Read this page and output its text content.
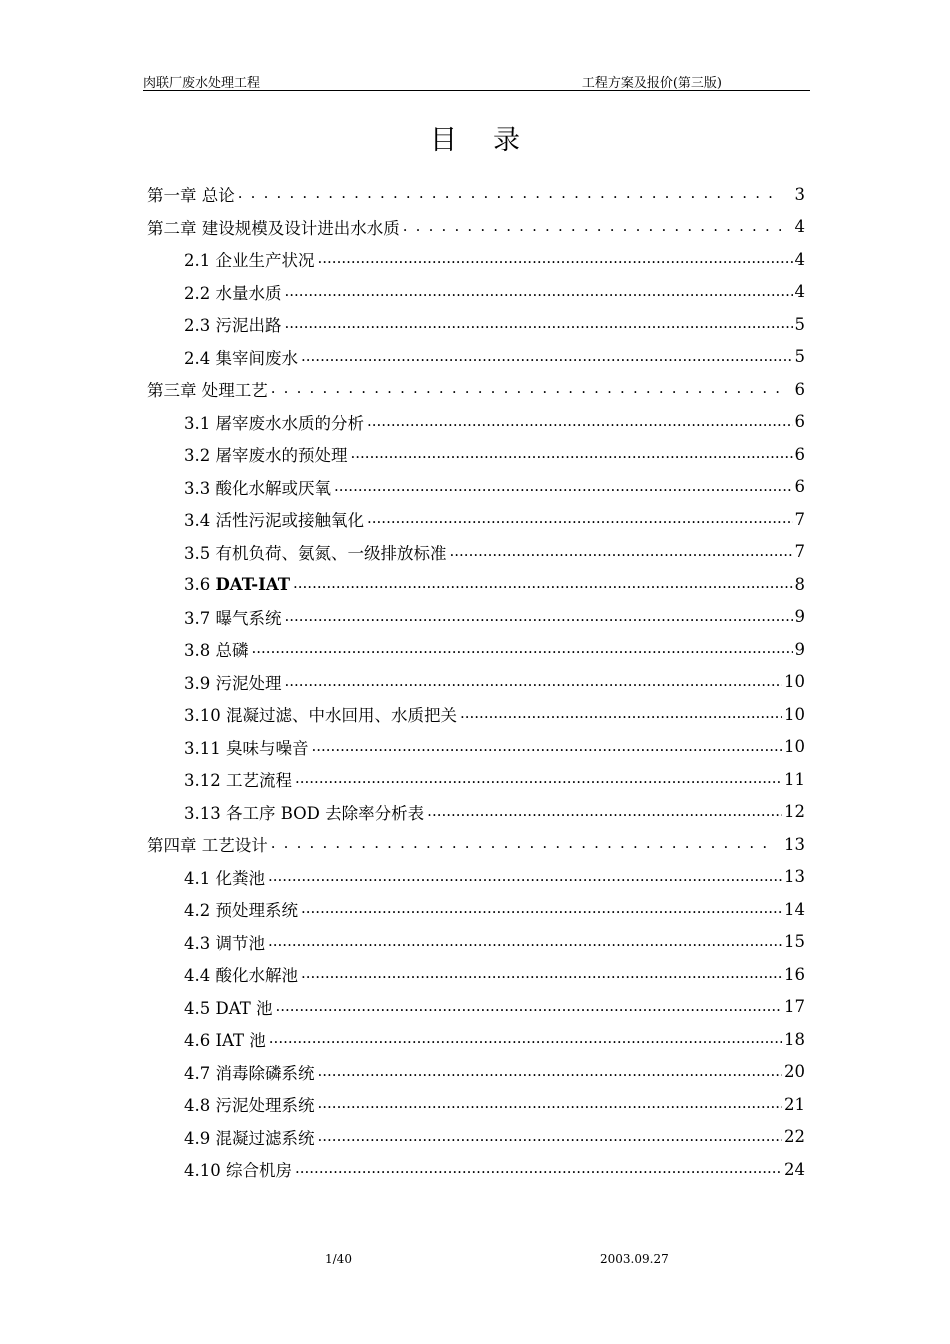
肉联厂废水处理工程	工程方案及报价(第三版)
目录
第一章 总论 . . .	3
第二章 建设规模及设计进出水水质 . . .	4
2.1 企业生产状况 .....	4
2.2 水量水质 .....	4
2.3 污泥出路 .....	5
2.4 集宰间废水 .....	5
第三章 处理工艺 . . .	6
3.1 屠宰废水水质的分析 .....	6
3.2 屠宰废水的预处理 .....	6
3.3 酸化水解或厌氧 .....	6
3.4 活性污泥或接触氧化 .....	7
3.5 有机负荷、氨氮、一级排放标准 .....	7
3.6 DAT-IAT .....	8
3.7 曝气系统 .....	9
3.8 总磷 .....	9
3.9 污泥处理 .....	10
3.10 混凝过滤、中水回用、水质把关 .....	10
3.11 臭味与噪音 .....	10
3.12 工艺流程 .....	11
3.13 各工序 BOD 去除率分析表 .....	12
第四章 工艺设计 . . .	13
4.1 化粪池 .....	13
4.2 预处理系统 .....	14
4.3 调节池 .....	15
4.4 酸化水解池 .....	16
4.5 DAT 池 .....	17
4.6 IAT 池 .....	18
4.7 消毒除磷系统 .....	20
4.8 污泥处理系统 .....	21
4.9 混凝过滤系统 .....	22
4.10 综合机房 .....	24
1/40	2003.09.27
